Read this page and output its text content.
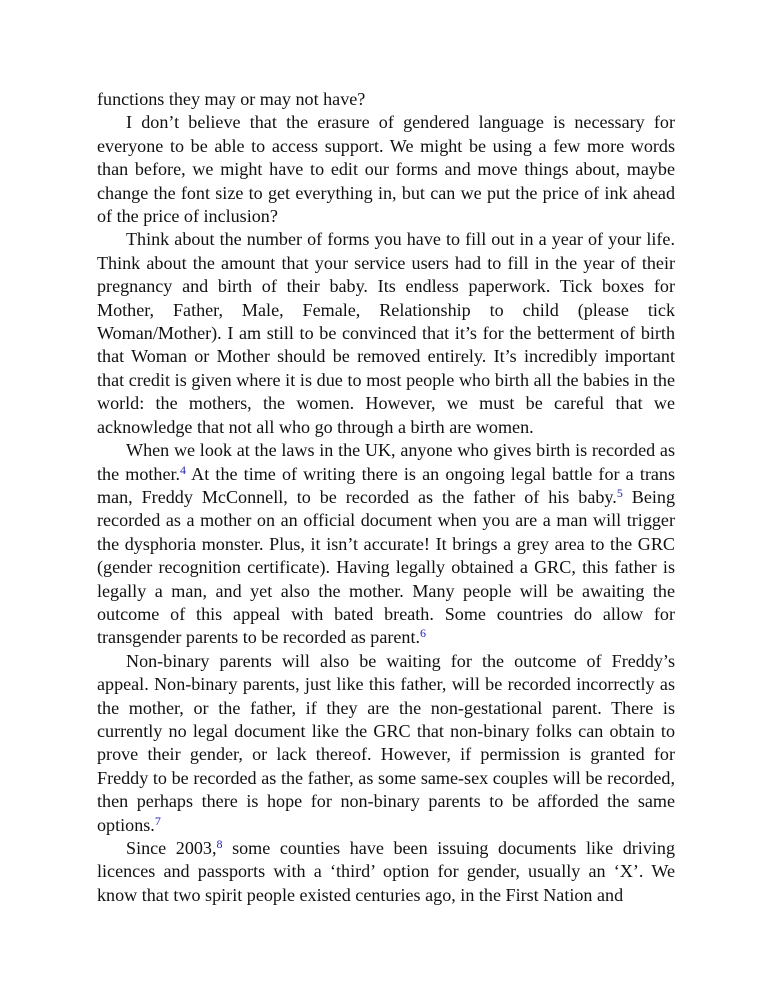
functions they may or may not have?

I don’t believe that the erasure of gendered language is necessary for everyone to be able to access support. We might be using a few more words than before, we might have to edit our forms and move things about, maybe change the font size to get everything in, but can we put the price of ink ahead of the price of inclusion?

Think about the number of forms you have to fill out in a year of your life. Think about the amount that your service users had to fill in the year of their pregnancy and birth of their baby. Its endless paperwork. Tick boxes for Mother, Father, Male, Female, Relationship to child (please tick Woman/Mother). I am still to be convinced that it’s for the betterment of birth that Woman or Mother should be removed entirely. It’s incredibly important that credit is given where it is due to most people who birth all the babies in the world: the mothers, the women. However, we must be careful that we acknowledge that not all who go through a birth are women.

When we look at the laws in the UK, anyone who gives birth is recorded as the mother.$^4$ At the time of writing there is an ongoing legal battle for a trans man, Freddy McConnell, to be recorded as the father of his baby.$^5$ Being recorded as a mother on an official document when you are a man will trigger the dysphoria monster. Plus, it isn’t accurate! It brings a grey area to the GRC (gender recognition certificate). Having legally obtained a GRC, this father is legally a man, and yet also the mother. Many people will be awaiting the outcome of this appeal with bated breath. Some countries do allow for transgender parents to be recorded as parent.$^6$

Non-binary parents will also be waiting for the outcome of Freddy’s appeal. Non-binary parents, just like this father, will be recorded incorrectly as the mother, or the father, if they are the non-gestational parent. There is currently no legal document like the GRC that non-binary folks can obtain to prove their gender, or lack thereof. However, if permission is granted for Freddy to be recorded as the father, as some same-sex couples will be recorded, then perhaps there is hope for non-binary parents to be afforded the same options.$^7$

Since 2003,$^8$ some counties have been issuing documents like driving licences and passports with a ‘third’ option for gender, usually an ‘X’. We know that two spirit people existed centuries ago, in the First Nation and
